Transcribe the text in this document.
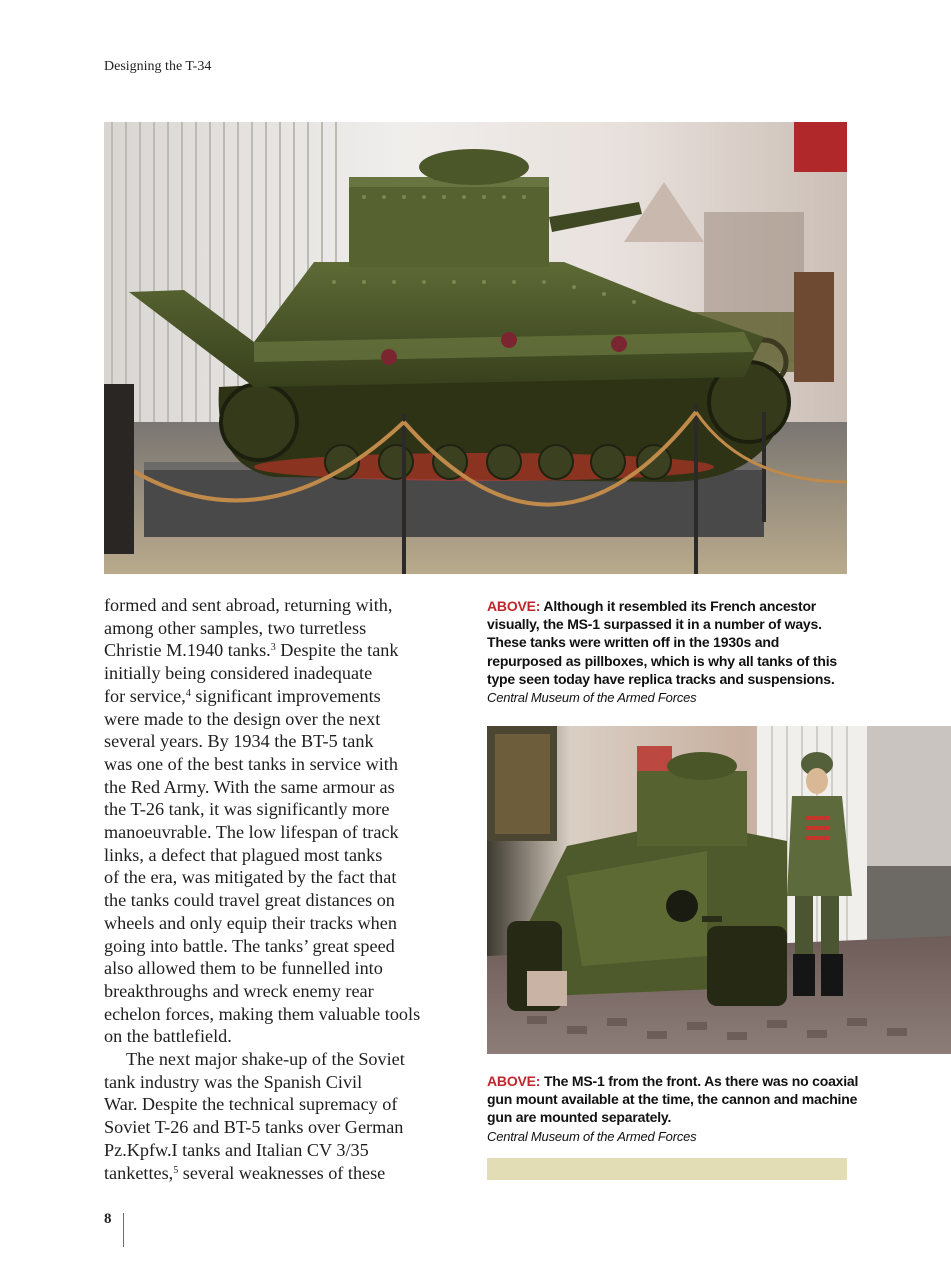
Designing the T-34

formed and sent abroad, returning with,
among other samples, two turretless
Christie M.1940 tanks.$^3$ Despite the tank
initially being considered inadequate
for service,$^4$ significant improvements
were made to the design over the next
several years. By 1934 the BT-5 tank
was one of the best tanks in service with
the Red Army. With the same armour as
the T-26 tank, it was significantly more
manoeuvrable. The low lifespan of track
links, a defect that plagued most tanks
of the era, was mitigated by the fact that
the tanks could travel great distances on
wheels and only equip their tracks when
going into battle. The tanks’ great speed
also allowed them to be funnelled into
breakthroughs and wreck enemy rear
echelon forces, making them valuable tools
on the battlefield.

The next major shake-up of the Soviet
tank industry was the Spanish Civil
War. Despite the technical supremacy of
Soviet T-26 and BT-5 tanks over German
Pz.Kpfw.I tanks and Italian CV 3/35
tankettes,$^5$ several weaknesses of these

ABOVE: Although it resembled its French ancestor
visually, the MS-1 surpassed it in a number of ways.
These tanks were written off in the 1930s and
repurposed as pillboxes, which is why all tanks of this
type seen today have replica tracks and suspensions.
Central Museum of the Armed Forces
ABOVE: The MS-1 from the front. As there was no coaxial
gun mount available at the time, the cannon and machine
gun are mounted separately.
Central Museum of the Armed Forces
8
